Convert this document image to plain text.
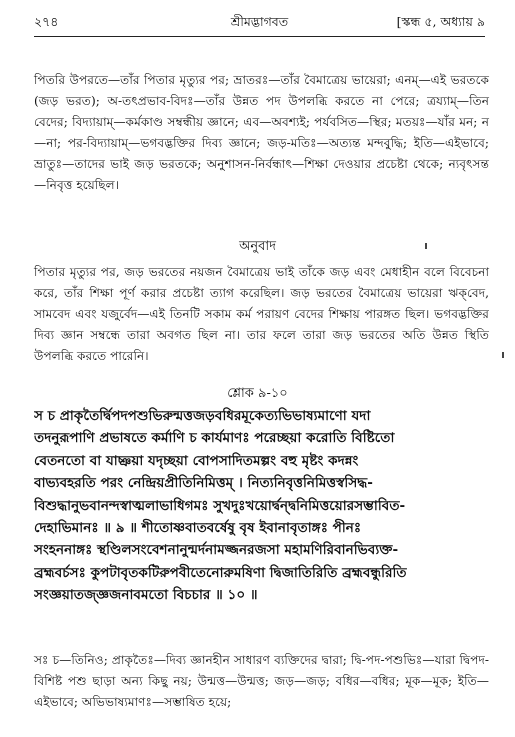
২৭৪	শ্রীমদ্ভাগবত	[স্কন্ধ ৫, অধ্যায় ৯
পিতরি উপরতে—তাঁর পিতার মৃত্যুর পর; ভ্রাতরঃ—তাঁর বৈমাত্রেয় ভায়েরা; এনম্—এই ভরতকে (জড় ভরত); অ-তৎপ্রভাব-বিদঃ—তাঁর উন্নত পদ উপলব্ধি করতে না পেরে; ত্রয্যাম্—তিন বেদের; বিদ্যায়াম্—কর্মকাণ্ড সম্বন্ধীয় জ্ঞানে; এব—অবশ্যই; পর্যবসিত—স্থির; মতয়ঃ—যাঁর মন; ন—না; পর-বিদ্যায়াম্—ভগবদ্ভক্তির দিব্য জ্ঞানে; জড়-মতিঃ—অত্যন্ত মন্দবুদ্ধি; ইতি—এইভাবে; ভ্রাতুঃ—তাদের ভাই জড় ভরতকে; অনুশাসন-নির্বন্ধাৎ—শিক্ষা দেওয়ার প্রচেষ্টা থেকে; ন্যবৃৎসন্ত—নিবৃত্ত হয়েছিল।
অনুবাদ
পিতার মৃত্যুর পর, জড় ভরতের নয়জন বৈমাত্রেয় ভাই তাঁকে জড় এবং মেধাহীন বলে বিবেচনা করে, তাঁর শিক্ষা পূর্ণ করার প্রচেষ্টা ত্যাগ করেছিল। জড় ভরতের বৈমাত্রেয় ভায়েরা ঋক্‌বেদ, সামবেদ এবং যজুর্বেদ—এই তিনটি সকাম কর্ম পরায়ণ বেদের শিক্ষায় পারঙ্গত ছিল। ভগবদ্ভক্তির দিব্য জ্ঞান সম্বন্ধে তারা অবগত ছিল না। তার ফলে তারা জড় ভরতের অতি উন্নত স্থিতি উপলব্ধি করতে পারেনি।
শ্লোক ৯-১০
স চ প্রাকৃতৈর্দ্বিপদপশুভিরুন্মত্তজড়বধিরমূকেত্যভিভাষ্যমাণো যদা
তদনুরূপাণি প্রভাষতে কর্মাণি চ কার্যমাণঃ পরেচ্ছয়া করোতি বিষ্টিতো
বেতনতো বা যাচ্ঞয়া যদৃচ্ছয়া বোপসাদিতমল্পং বহু মৃষ্টং কদন্নং
বাভ্যবহরতি পরং নেন্দ্রিয়প্রীতিনিমিত্তম্ । নিত্যনিবৃত্তনিমিত্তস্বসিদ্ধ-
বিশুদ্ধানুভবানন্দস্বাত্মলাভাধিগমঃ সুখদুঃখয়োর্দ্বন্দ্বনিমিত্তয়োরসম্ভাবিত-
দেহাভিমানঃ ॥ ৯ ॥ শীতোষ্ণবাতবর্ষেষু বৃষ ইবানাবৃতাঙ্গঃ পীনঃ
সংহননাঙ্গঃ স্থণ্ডিলসংবেশনানুন্মর্দনামজ্জনরজসা মহামণিরিবানভিব্যক্ত-
ব্রহ্মবর্চসঃ কুপটাবৃতকটিরুপবীতেনোরুমষিণা দ্বিজাতিরিতি ব্রহ্মবন্ধুরিতি
সংজ্ঞয়াতজ্জ্ঞজনাবমতো বিচচার ॥ ১০ ॥
সঃ চ—তিনিও; প্রাকৃতৈঃ—দিব্য জ্ঞানহীন সাধারণ ব্যক্তিদের দ্বারা; দ্বি-পদ-পশুভিঃ—যারা দ্বিপদ-বিশিষ্ট পশু ছাড়া অন্য কিছু নয়; উন্মত্ত—উন্মত্ত; জড়—জড়; বধির—বধির; মূক—মূক; ইতি—এইভাবে; অভিভাষ্যমাণঃ—সম্ভাষিত হয়ে;
